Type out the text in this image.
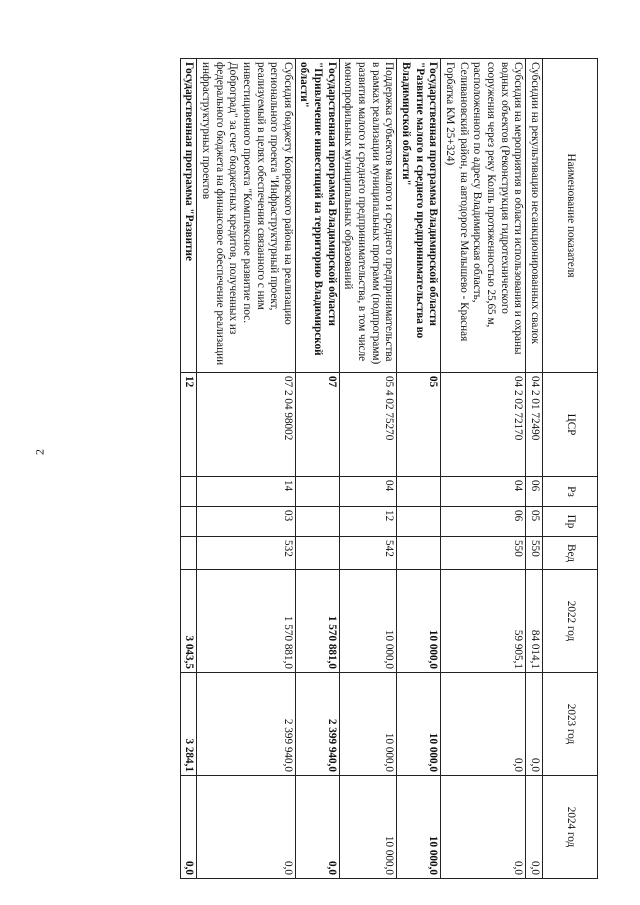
2
Наименование показателя	ЦСР	Рз	Пр	Вед	2022 год	2023 год	2024 год
Субсидии на рекультивацию несанкционированных свалок	04 2 01 72490	06	05	550	84 014,1	0,0	0,0
Субсидия на мероприятия в области использования и охраны водных объектов (Реконструкция гидротехнического сооружения через реку Колпь протяженностью 25,65 м, расположенного по адресу Владимирская область, Селивановский район, на автодороге Малышево - Красная Горбатка КМ 25+324)	04 2 02 72170	04	06	550	59 905,1	0,0	0,0
Государственная программа Владимирской области "Развитие малого и среднего предпринимательства во Владимирской области"	05				10 000,0	10 000,0	10 000,0
Поддержка субъектов малого и среднего предпринимательства в рамках реализации муниципальных программ (подпрограмм) развития малого и среднего предпринимательства, в том числе монопрофильных муниципальных образований	05 4 02 75270	04	12	542	10 000,0	10 000,0	10 000,0
Государственная программа Владимирской области "Привлечение инвестиций на территорию Владимирской области"	07				1 570 881,0	2 399 940,0	0,0
Субсидия бюджету Ковровского района на реализацию регионального проекта "Инфраструктурный проект, реализуемый в целях обеспечения связанного с ним инвестиционного проекта "Комплексное развитие пос. Доброград" за счет бюджетных кредитов, полученных из федерального бюджета на финансовое обеспечение реализации инфраструктурных проектов	07 2 04 98002	14	03	532	1 570 881,0	2 399 940,0	0,0
Государственная программа "Развитие	12				3 043,5	3 284,1	0,0
